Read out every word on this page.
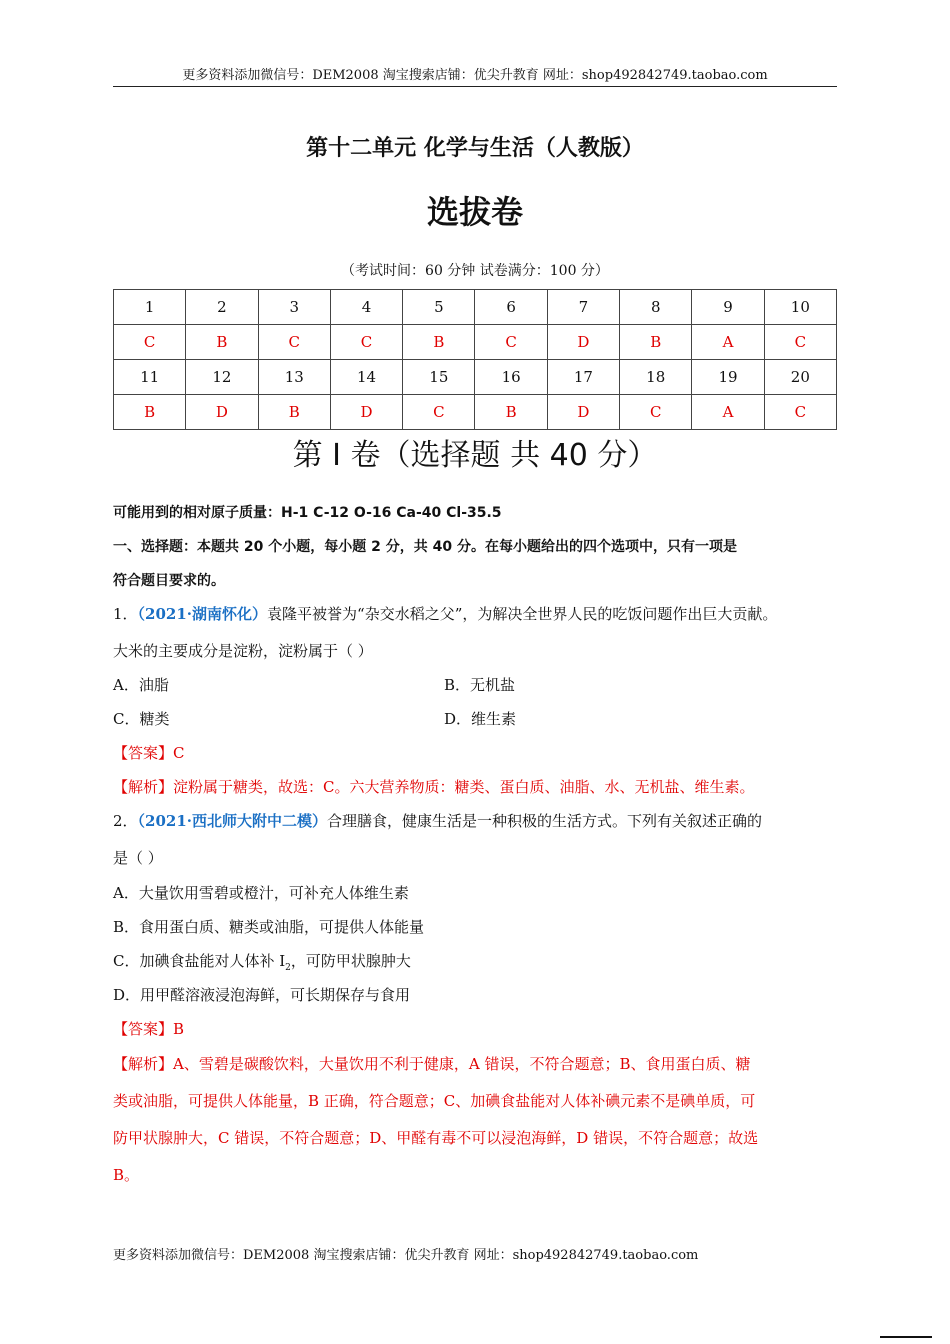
更多资料添加微信号：DEM2008 淘宝搜索店铺：优尖升教育 网址：shop492842749.taobao.com
第十二单元 化学与生活（人教版）
选拔卷
（考试时间：60 分钟 试卷满分：100 分）
1	2	3	4	5	6	7	8	9	10
C	B	C	C	B	C	D	B	A	C
11	12	13	14	15	16	17	18	19	20
B	D	B	D	C	B	D	C	A	C
第 I 卷（选择题 共 40 分）
可能用到的相对原子质量：H-1 C-12 O-16 Ca-40 Cl-35.5
一、选择题：本题共 20 个小题，每小题 2 分，共 40 分。在每小题给出的四个选项中，只有一项是
符合题目要求的。
1．（2021·湖南怀化）袁隆平被誉为“杂交水稻之父”，为解决全世界人民的吃饭问题作出巨大贡献。
大米的主要成分是淀粉，淀粉属于（ ）
A．油脂	B．无机盐
C．糖类	D．维生素
【答案】C
【解析】淀粉属于糖类，故选：C。六大营养物质：糖类、蛋白质、油脂、水、无机盐、维生素。
2．（2021·西北师大附中二模）合理膳食，健康生活是一种积极的生活方式。下列有关叙述正确的
是（ ）
A．大量饮用雪碧或橙汁，可补充人体维生素
B．食用蛋白质、糖类或油脂，可提供人体能量
C．加碘食盐能对人体补 $I_2$，可防甲状腺肿大
D．用甲醛溶液浸泡海鲜，可长期保存与食用
【答案】B
【解析】A、雪碧是碳酸饮料，大量饮用不利于健康，A 错误，不符合题意；B、食用蛋白质、糖
类或油脂，可提供人体能量，B 正确，符合题意；C、加碘食盐能对人体补碘元素不是碘单质，可
防甲状腺肿大，C 错误，不符合题意；D、甲醛有毒不可以浸泡海鲜，D 错误，不符合题意；故选
B。
更多资料添加微信号：DEM2008 淘宝搜索店铺：优尖升教育 网址：shop492842749.taobao.com
